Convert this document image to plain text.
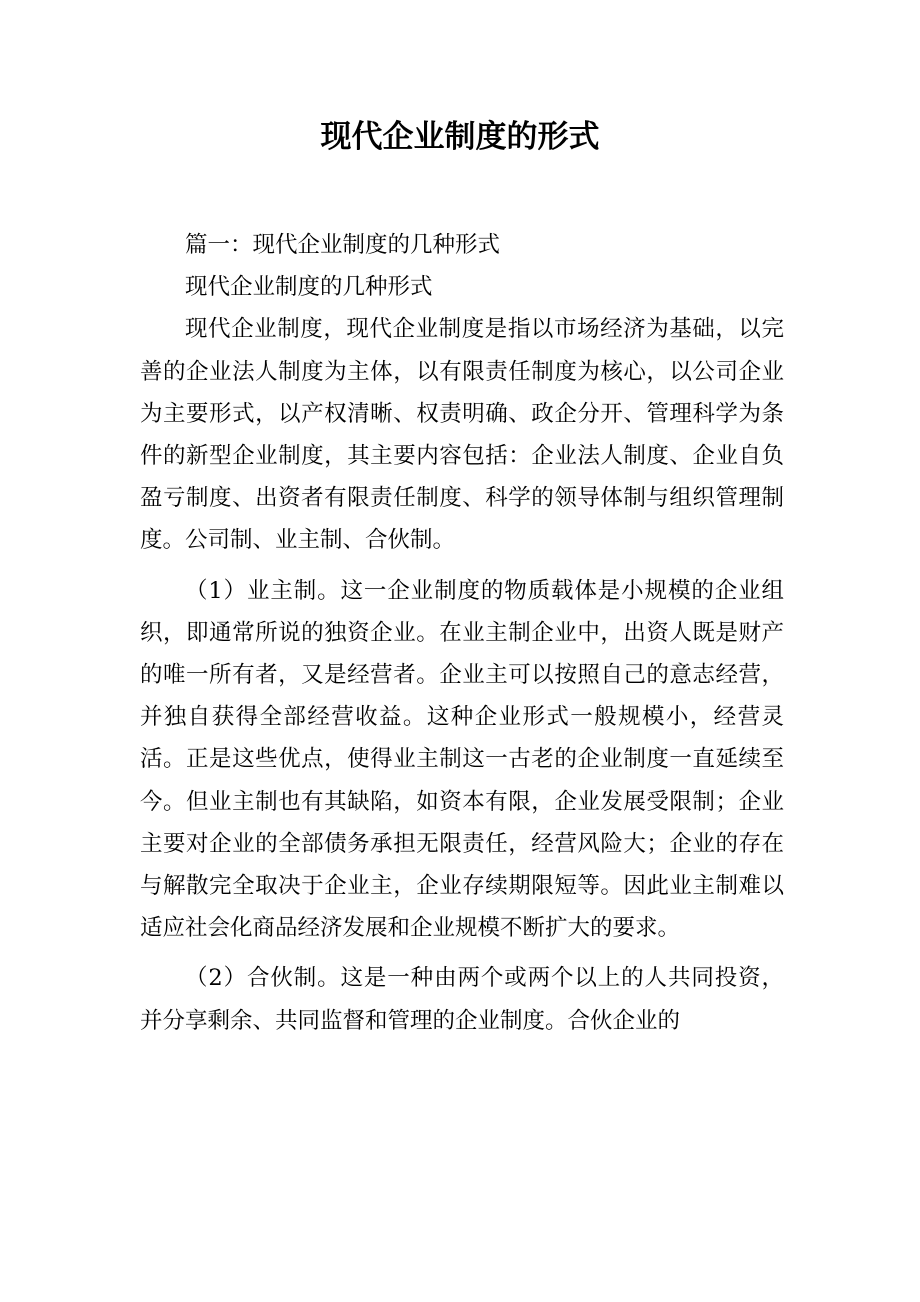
现代企业制度的形式

篇一：现代企业制度的几种形式

现代企业制度的几种形式

现代企业制度，现代企业制度是指以市场经济为基础，以完善的企业法人制度为主体，以有限责任制度为核心，以公司企业为主要形式，以产权清晰、权责明确、政企分开、管理科学为条件的新型企业制度，其主要内容包括：企业法人制度、企业自负盈亏制度、出资者有限责任制度、科学的领导体制与组织管理制度。公司制、业主制、合伙制。

（1）业主制。这一企业制度的物质载体是小规模的企业组织，即通常所说的独资企业。在业主制企业中，出资人既是财产的唯一所有者，又是经营者。企业主可以按照自己的意志经营，并独自获得全部经营收益。这种企业形式一般规模小，经营灵活。正是这些优点，使得业主制这一古老的企业制度一直延续至今。但业主制也有其缺陷，如资本有限，企业发展受限制；企业主要对企业的全部债务承担无限责任，经营风险大；企业的存在与解散完全取决于企业主，企业存续期限短等。因此业主制难以适应社会化商品经济发展和企业规模不断扩大的要求。

（2）合伙制。这是一种由两个或两个以上的人共同投资，并分享剩余、共同监督和管理的企业制度。合伙企业的
